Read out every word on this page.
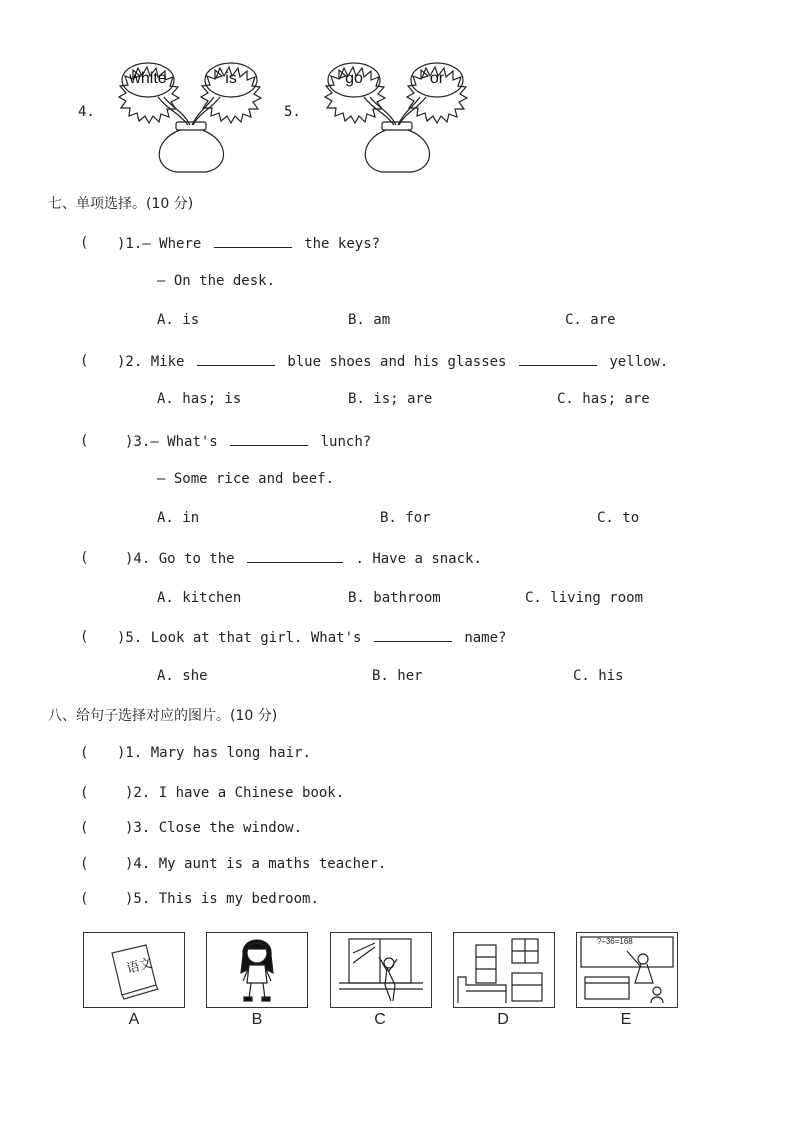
4.
white	is
5.
go	or
七、单项选择。(10 分)
( )1.— Where	the keys?
— On the desk.
A. is	B. am	C. are
( )2. Mike	blue shoes and his glasses	yellow.
A. has; is	B. is; are	C. has; are
(	)3.— What's	lunch?
— Some rice and beef.
A. in	B. for	C. to
(	)4. Go to the	. Have a snack.
A. kitchen	B. bathroom	C. living room
( )5. Look at that girl. What's	name?
A. she	B. her	C. his
八、给句子选择对应的图片。(10 分)
( )1. Mary has long hair.
(	)2. I have a Chinese book.
(	)3. Close the window.
(	)4. My aunt is a maths teacher.
(	)5. This is my bedroom.
语文
A	B	C	D
?÷36=168
E
